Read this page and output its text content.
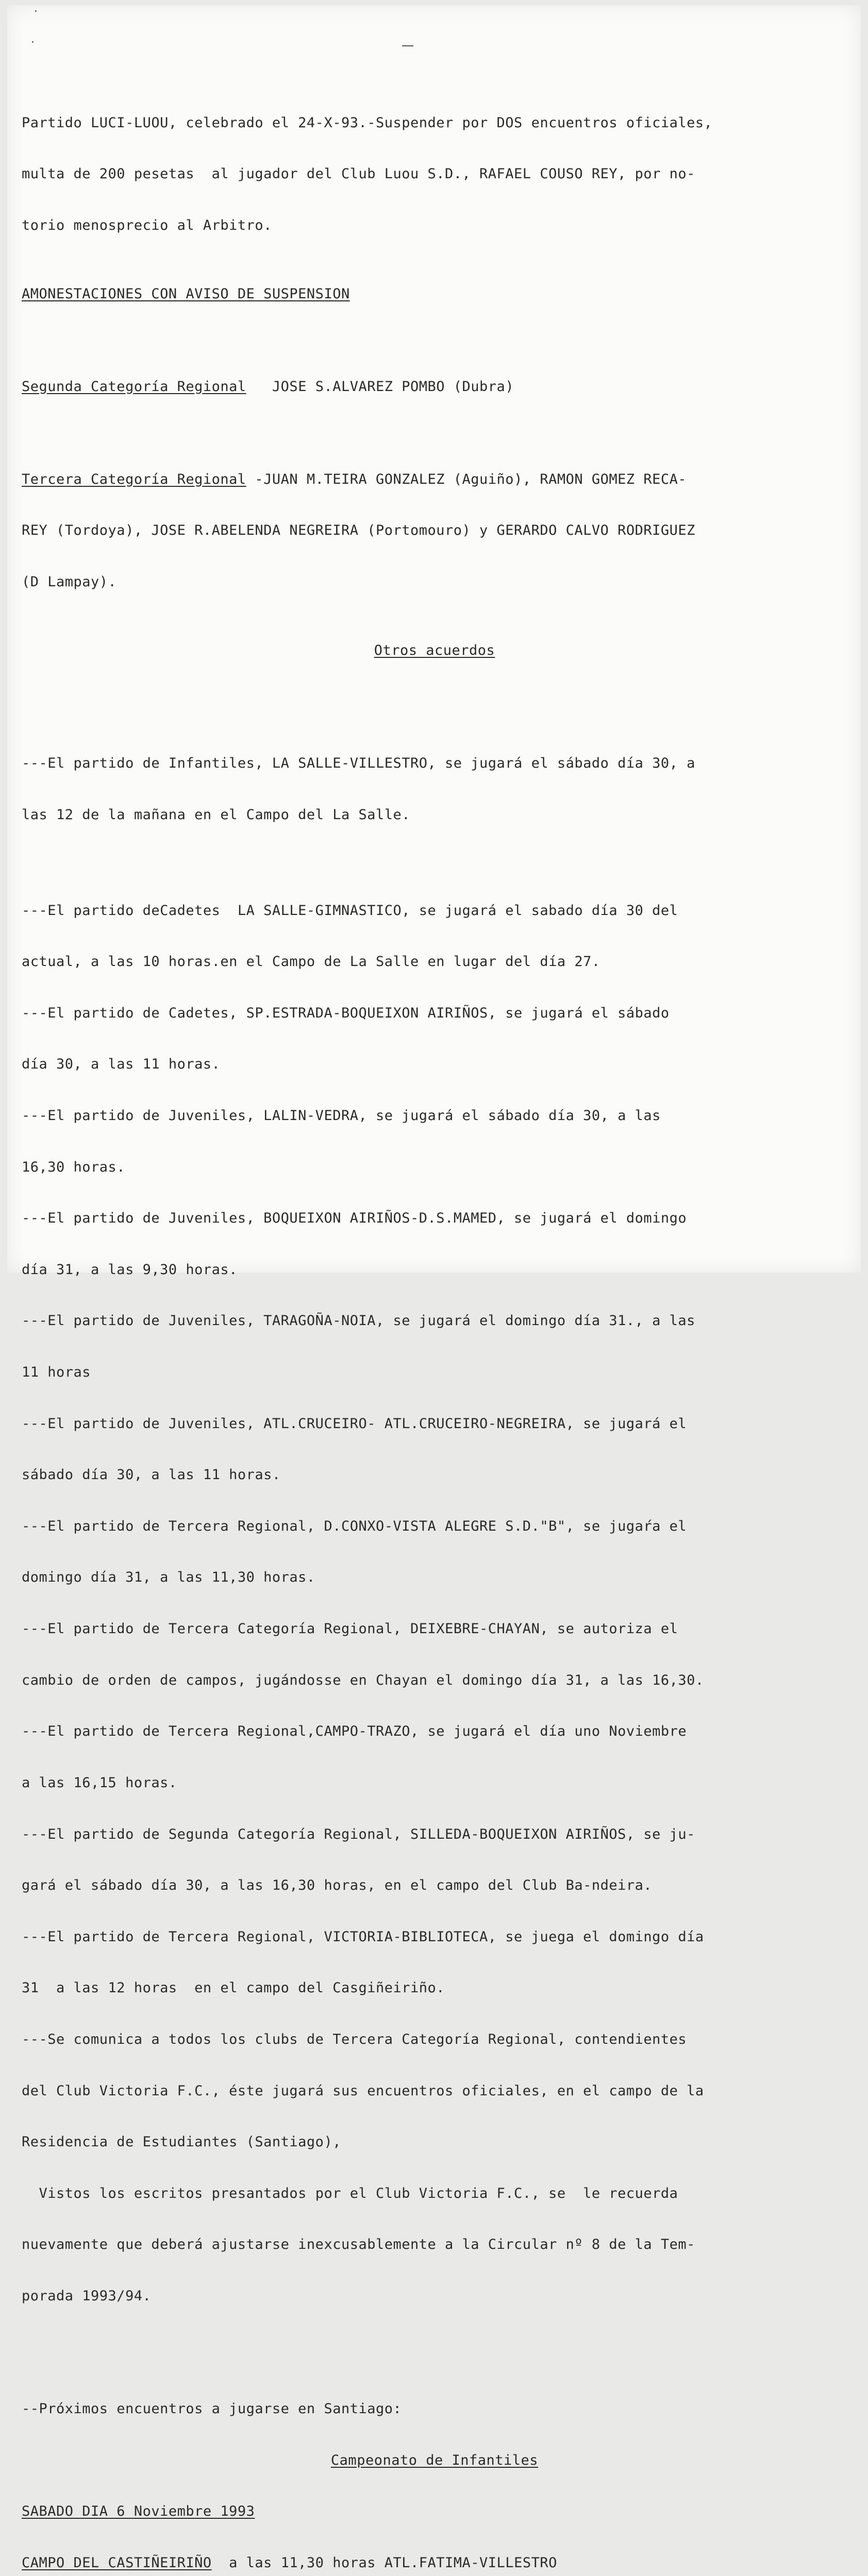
Partido LUCI-LUOU, celebrado el 24-X-93.-Suspender por DOS encuentros oficiales,

multa de 200 pesetas  al jugador del Club Luou S.D., RAFAEL COUSO REY, por no-

torio menosprecio al Arbitro.

AMONESTACIONES CON AVISO DE SUSPENSION

Segunda Categoría Regional JOSE S.ALVAREZ POMBO (Dubra)

Tercera Categoría Regional -JUAN M.TEIRA GONZALEZ (Aguiño), RAMON GOMEZ RECA-

REY (Tordoya), JOSE R.ABELENDA NEGREIRA (Portomouro) y GERARDO CALVO RODRIGUEZ

(D Lampay).

Otros acuerdos

---El partido de Infantiles, LA SALLE-VILLESTRO, se jugará el sábado día 30, a

las 12 de la mañana en el Campo del La Salle.

---El partido deCadetes  LA SALLE-GIMNASTICO, se jugará el sabado día 30 del

actual, a las 10 horas.en el Campo de La Salle en lugar del día 27.

---El partido de Cadetes, SP.ESTRADA-BOQUEIXON AIRIÑOS, se jugará el sábado

día 30, a las 11 horas.

---El partido de Juveniles, LALIN-VEDRA, se jugará el sábado día 30, a las

16,30 horas.

---El partido de Juveniles, BOQUEIXON AIRIÑOS-D.S.MAMED, se jugará el domingo

día 31, a las 9,30 horas.

---El partido de Juveniles, TARAGOÑA-NOIA, se jugará el domingo día 31., a las

11 horas

---El partido de Juveniles, ATL.CRUCEIRO- ATL.CRUCEIRO-NEGREIRA, se jugará el

sábado día 30, a las 11 horas.

---El partido de Tercera Regional, D.CONXO-VISTA ALEGRE S.D."B", se jugaŕa el

domingo día 31, a las 11,30 horas.

---El partido de Tercera Categoría Regional, DEIXEBRE-CHAYAN, se autoriza el

cambio de orden de campos, jugándosse en Chayan el domingo día 31, a las 16,30.

---El partido de Tercera Regional,CAMPO-TRAZO, se jugará el día uno Noviembre

a las 16,15 horas.

---El partido de Segunda Categoría Regional, SILLEDA-BOQUEIXON AIRIÑOS, se ju-

gará el sábado día 30, a las 16,30 horas, en el campo del Club Ba-ndeira.

---El partido de Tercera Regional, VICTORIA-BIBLIOTECA, se juega el domingo día

31  a las 12 horas  en el campo del Casgiñeiriño.

---Se comunica a todos los clubs de Tercera Categoría Regional, contendientes

del Club Victoria F.C., éste jugará sus encuentros oficiales, en el campo de la

Residencia de Estudiantes (Santiago),

Vistos los escritos presantados por el Club Victoria F.C., se  le recuerda

nuevamente que deberá ajustarse inexcusablemente a la Circular nº 8 de la Tem-

porada 1993/94.

--Próximos encuentros a jugarse en Santiago:

Campeonato de Infantiles

SABADO DIA 6 Noviembre 1993

CAMPO DEL CASTIÑEIRIÑO  a las 11,30 horas ATL.FATIMA-VILLESTRO
